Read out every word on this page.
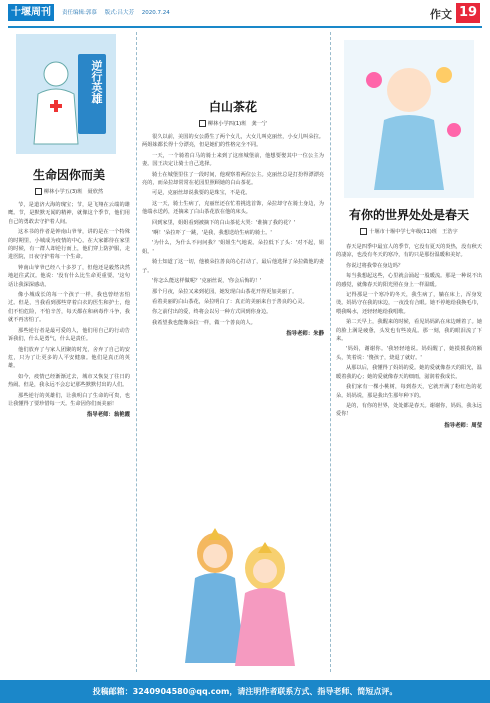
十堰周刊	责任编辑:郭慕 版式:吕大芳 2020.7.24	作文 19
逆行英雄
生命因你而美
柳林小学五(3)班　聂欣然

节，是道济大海的瑰宝；节，是飞翔在云端的雄鹰。节，是默默无闻的精神，就像这个季节，他们用自己的勇敢去守护着人间。

这本书的作者是钟南山爷爷，讲的是在一个特殊的时期里，小城成为疫情的中心。在大家都待在家里的时候，有一群人却逆行而上，他们穿上防护服，走进医院，日夜守护着每一个生命。

钟南山爷爷已经八十多岁了，但他还是毅然决然地赶往武汉。他说：'没有什么比生命更重要。'这句话让我深深感动。

像小城成长的每一个孩子一样，我也曾经害怕过。但是，当我看到那些穿着白衣的医生和护士，他们不怕危险，不怕辛苦，每天都在和病毒作斗争，我就不再害怕了。

那些逆行者是最可爱的人，他们用自己的行动告诉我们，什么是勇气，什么是责任。

他们放弃了与家人团聚的时光，舍弃了自己的安危，只为了让更多的人平安健康。他们是真正的英雄。

如今，疫情已经渐渐过去，城市又恢复了往日的热闹。但是，我永远不会忘记那些默默付出的人们。

那些逆行的英雄们，让我明白了生命的可贵，也让我懂得了要珍惜每一天。生命因你们而美丽！

指导老师：翁艳霞
白山茶花
柳林小学四(1)班　龚一宁

很久以前，美国的女公爵生了两个女儿，大女儿叫克丽丝，小女儿叫朵拉。两姐妹都长得十分漂亮，但是她们的性格完全不同。

一天，一个骑着白马的骑士来到了这座城堡前，他想要娶其中一位公主为妻。国王决定让骑士自己选择。

骑士在城堡里住了一段时间，他观察着两位公主。克丽丝总是打扮得漂漂亮亮的，而朵拉却常常在花园里照顾她的白山茶花。

可是，克丽丝却说我要的是珠宝，不是花。

这一天，骑士生病了，克丽丝还在忙着挑选首饰，朵拉却守在骑士身边，为他端水送药，还摘来了白山茶花放在他的床头。

回到家里，姐姐看到被摘下的白山茶花大哭：'谁摘了我的花？'

'啊！'朵拉吓了一跳，'是我，我想送给生病的骑士。'

'为什么，为什么不问问我？'姐姐生气地说。朵拉低下了头：'对不起，姐姐。'

骑士知道了这一切，他被朵拉善良的心打动了，最后他选择了朵拉做他的妻子。

'你怎么能这样做呢？'克丽丝说，'你会后悔的！'

那个月夜，朵拉又来到花园，她发现白山茶花开得更加美丽了。

看着美丽的白山茶花，朵拉明白了：真正的美丽来自于善良的心灵。

你之前付出的爱，终将会以另一种方式回到你身边。

我希望我也能像朵拉一样，做一个善良的人。

指导老师：朱静
有你的世界处处是春天
十堰市十堰中学七年级(11)班　王浩宇

春天是四季中最宜人的季节，它没有夏天的炎热，没有秋天的凄凉，也没有冬天的寒冷，有的只是那份温暖和美好。

你说过将我带在身边吗？

每当我想起这些，心里就会涌起一股暖流。那是一种说不出的感觉，就像春天的阳光照在身上一样温暖。

记得那是一个寒冷的冬天，我生病了，躺在床上，浑身发烫。妈妈守在我的床边，一夜没有合眼。她不停地给我换毛巾，喂我喝水，还轻轻地给我唱歌。

第二天早上，我醒来的时候，看见妈妈趴在床边睡着了。她的脸上满是疲惫，头发也有些凌乱。那一刻，我的眼泪流了下来。

'妈妈，谢谢你。'我轻轻地说。妈妈醒了，她摸摸我的额头，笑着说：'傻孩子，烧退了就好。'

从那以后，我懂得了妈妈的爱。她的爱就像春天的阳光，温暖着我的心；她的爱就像春天的细雨，滋润着我成长。

我们家有一棵小桃树，每到春天，它就开满了粉红色的花朵。妈妈说，那是我出生那年种下的。

是的，有你的世界，处处都是春天。谢谢你，妈妈，我永远爱你！

指导老师：周莹
投稿邮箱：3240904580@qq.com，请注明作者联系方式、指导老师、简短点评。
